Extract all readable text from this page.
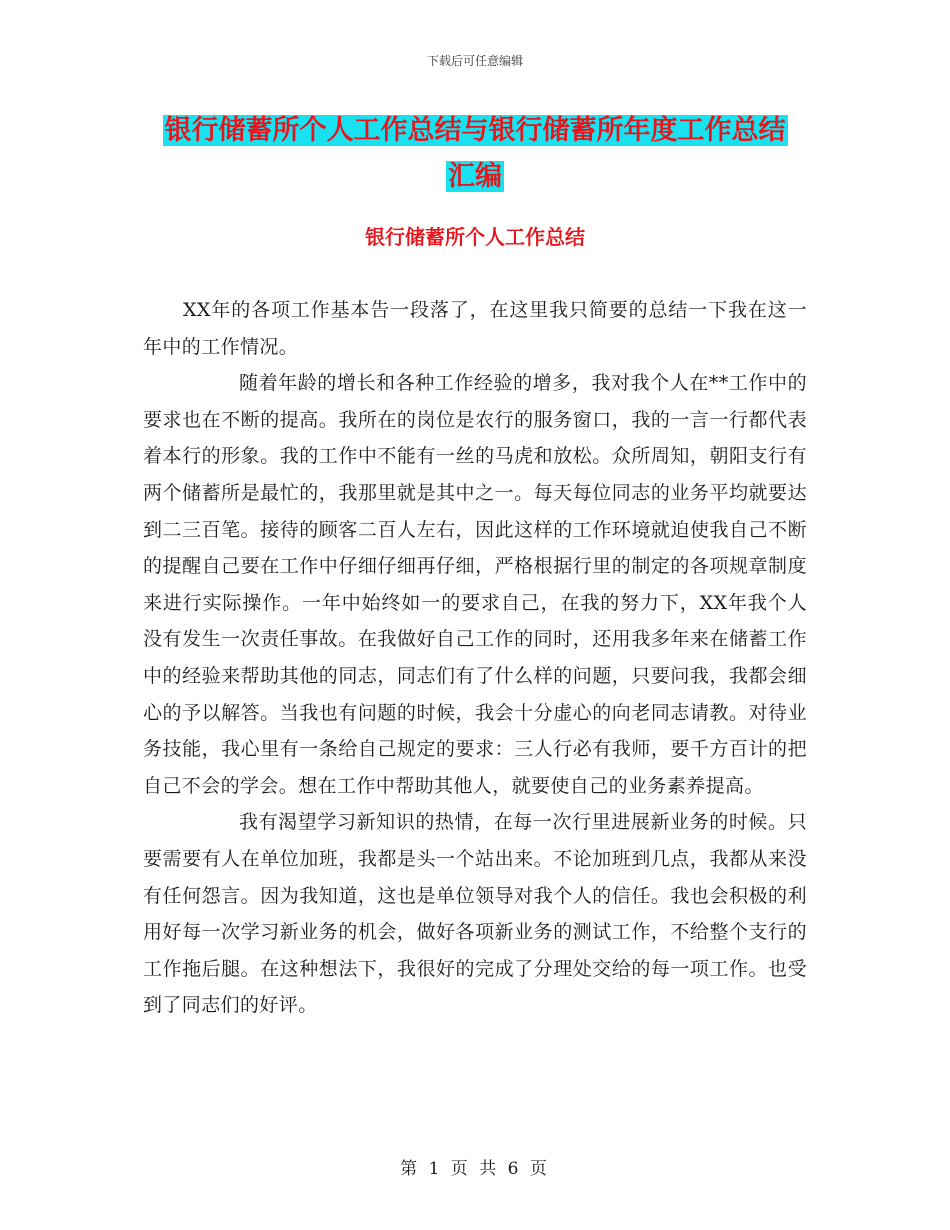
下载后可任意编辑
银行储蓄所个人工作总结与银行储蓄所年度工作总结
汇编
银行储蓄所个人工作总结

XX年的各项工作基本告一段落了，在这里我只简要的总结一下我在这一年中的工作情况。

随着年龄的增长和各种工作经验的增多，我对我个人在**工作中的要求也在不断的提高。我所在的岗位是农行的服务窗口，我的一言一行都代表着本行的形象。我的工作中不能有一丝的马虎和放松。众所周知，朝阳支行有两个储蓄所是最忙的，我那里就是其中之一。每天每位同志的业务平均就要达到二三百笔。接待的顾客二百人左右，因此这样的工作环境就迫使我自己不断的提醒自己要在工作中仔细仔细再仔细，严格根据行里的制定的各项规章制度来进行实际操作。一年中始终如一的要求自己，在我的努力下，XX年我个人没有发生一次责任事故。在我做好自己工作的同时，还用我多年来在储蓄工作中的经验来帮助其他的同志，同志们有了什么样的问题，只要问我，我都会细心的予以解答。当我也有问题的时候，我会十分虚心的向老同志请教。对待业务技能，我心里有一条给自己规定的要求：三人行必有我师，要千方百计的把自己不会的学会。想在工作中帮助其他人，就要使自己的业务素养提高。

我有渴望学习新知识的热情，在每一次行里进展新业务的时候。只要需要有人在单位加班，我都是头一个站出来。不论加班到几点，我都从来没有任何怨言。因为我知道，这也是单位领导对我个人的信任。我也会积极的利用好每一次学习新业务的机会，做好各项新业务的测试工作，不给整个支行的工作拖后腿。在这种想法下，我很好的完成了分理处交给的每一项工作。也受到了同志们的好评。

第 1 页 共 6 页
